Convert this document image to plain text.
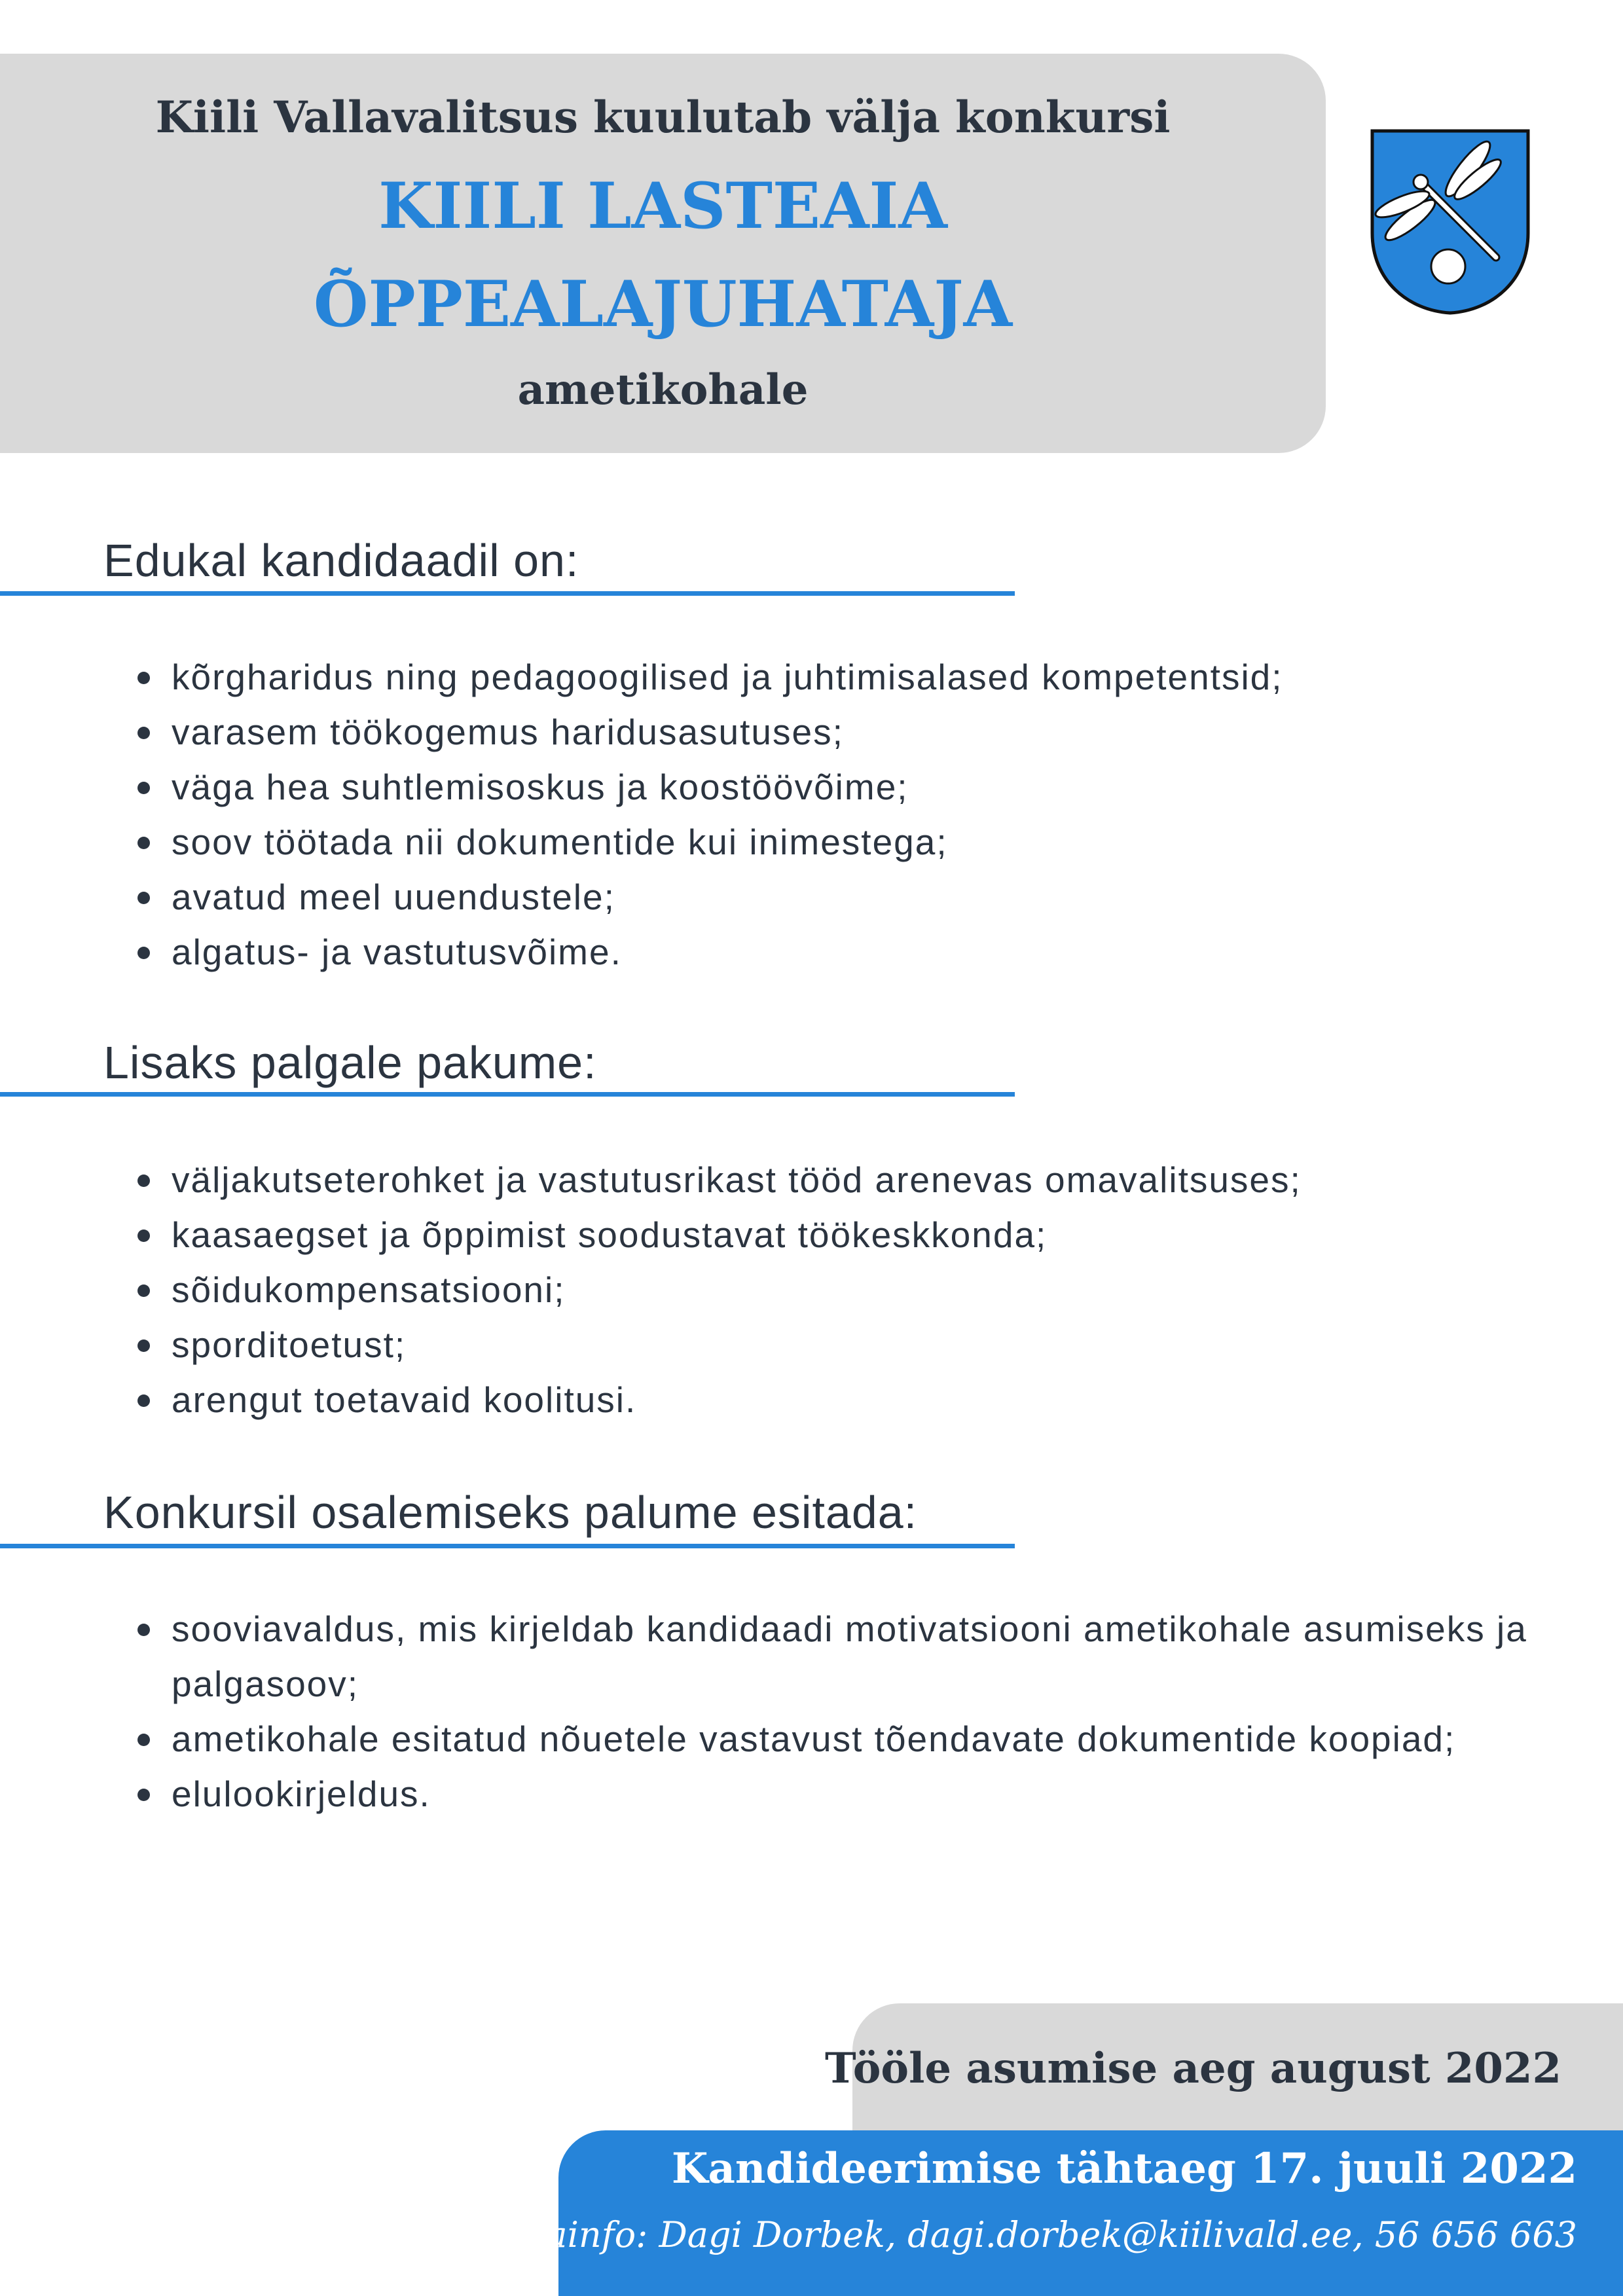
Kiili Vallavalitsus kuulutab välja konkursi
KIILI LASTEAIA
ÕPPEALAJUHATAJA
ametikohale
Edukal kandidaadil on:
kõrgharidus ning pedagoogilised ja juhtimisalased kompetentsid;
varasem töökogemus haridusasutuses;
väga hea suhtlemisoskus ja koostöövõime;
soov töötada nii dokumentide kui inimestega;
avatud meel uuendustele;
algatus- ja vastutusvõime.
Lisaks palgale pakume:
väljakutseterohket ja vastutusrikast tööd arenevas omavalitsuses;
kaasaegset ja õppimist soodustavat töökeskkonda;
sõidukompensatsiooni;
sporditoetust;
arengut toetavaid koolitusi.
Konkursil osalemiseks palume esitada:
sooviavaldus, mis kirjeldab kandidaadi motivatsiooni ametikohale asumiseks ja palgasoov;
ametikohale esitatud nõuetele vastavust tõendavate dokumentide koopiad;
elulookirjeldus.
Tööle asumise aeg august 2022
Kandideerimise tähtaeg 17. juuli 2022
Lisainfo: Dagi Dorbek, dagi.dorbek@kiilivald.ee, 56 656 663
